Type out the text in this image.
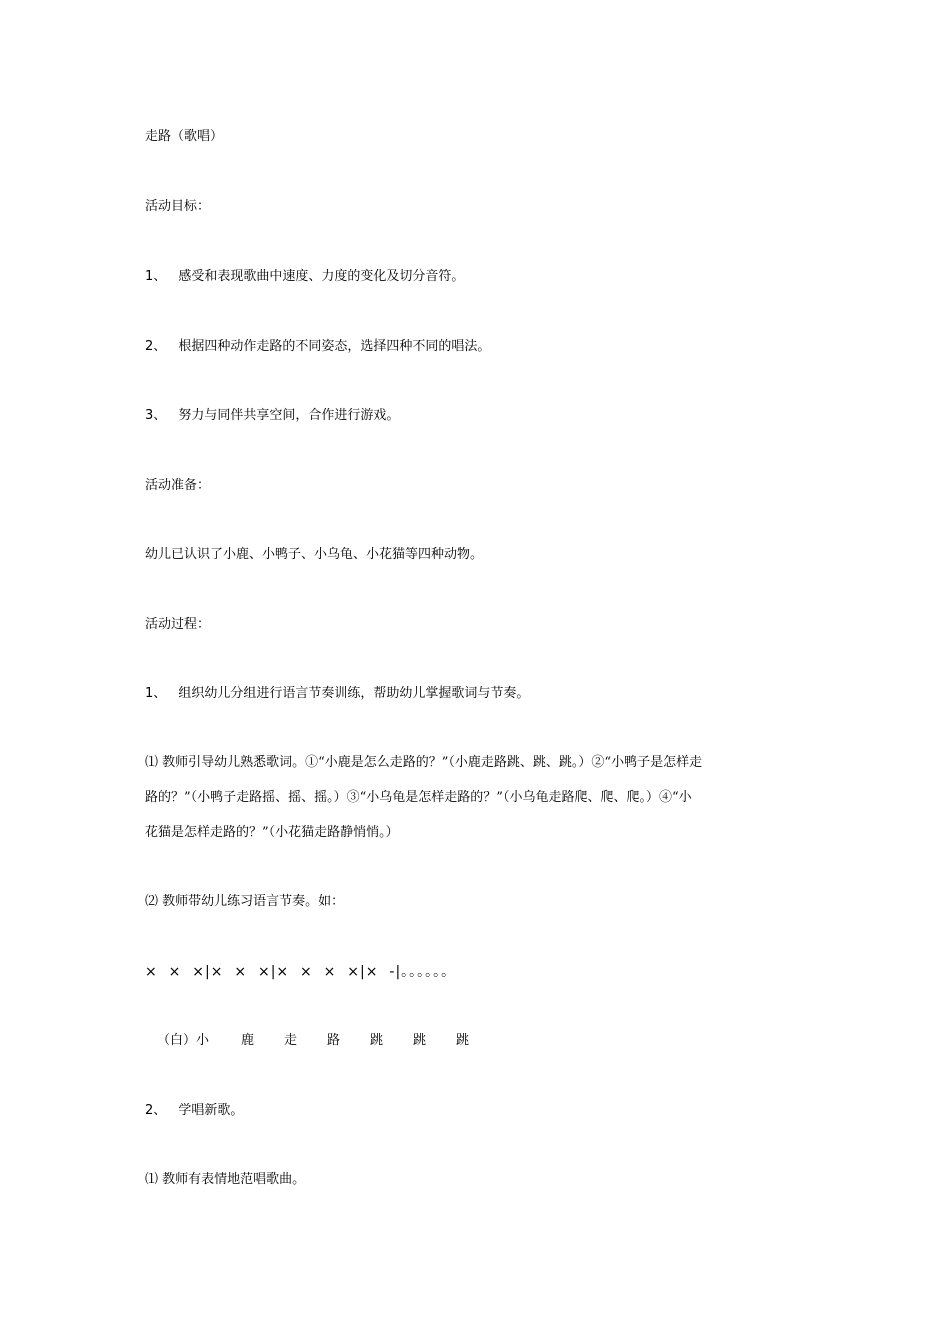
走路（歌唱）
活动目标：
1、 感受和表现歌曲中速度、力度的变化及切分音符。
2、 根据四种动作走路的不同姿态，选择四种不同的唱法。
3、 努力与同伴共享空间，合作进行游戏。
活动准备：
幼儿已认识了小鹿、小鸭子、小乌龟、小花猫等四种动物。
活动过程：
1、 组织幼儿分组进行语言节奏训练，帮助幼儿掌握歌词与节奏。
⑴ 教师引导幼儿熟悉歌词。①“小鹿是怎么走路的？”（小鹿走路跳、跳、跳。）②“小鸭子是怎样走
路的？”（小鸭子走路摇、摇、摇。）③“小乌龟是怎样走路的？”（小乌龟走路爬、爬、爬。）④“小
花猫是怎样走路的？”（小花猫走路静悄悄。）
⑵ 教师带幼儿练习语言节奏。如：
×  ×  ×|×  ×  ×|×  ×  ×  ×|×  -|。。。。。。
（白）小 鹿 走 路 跳 跳 跳
2、 学唱新歌。
⑴ 教师有表情地范唱歌曲。
